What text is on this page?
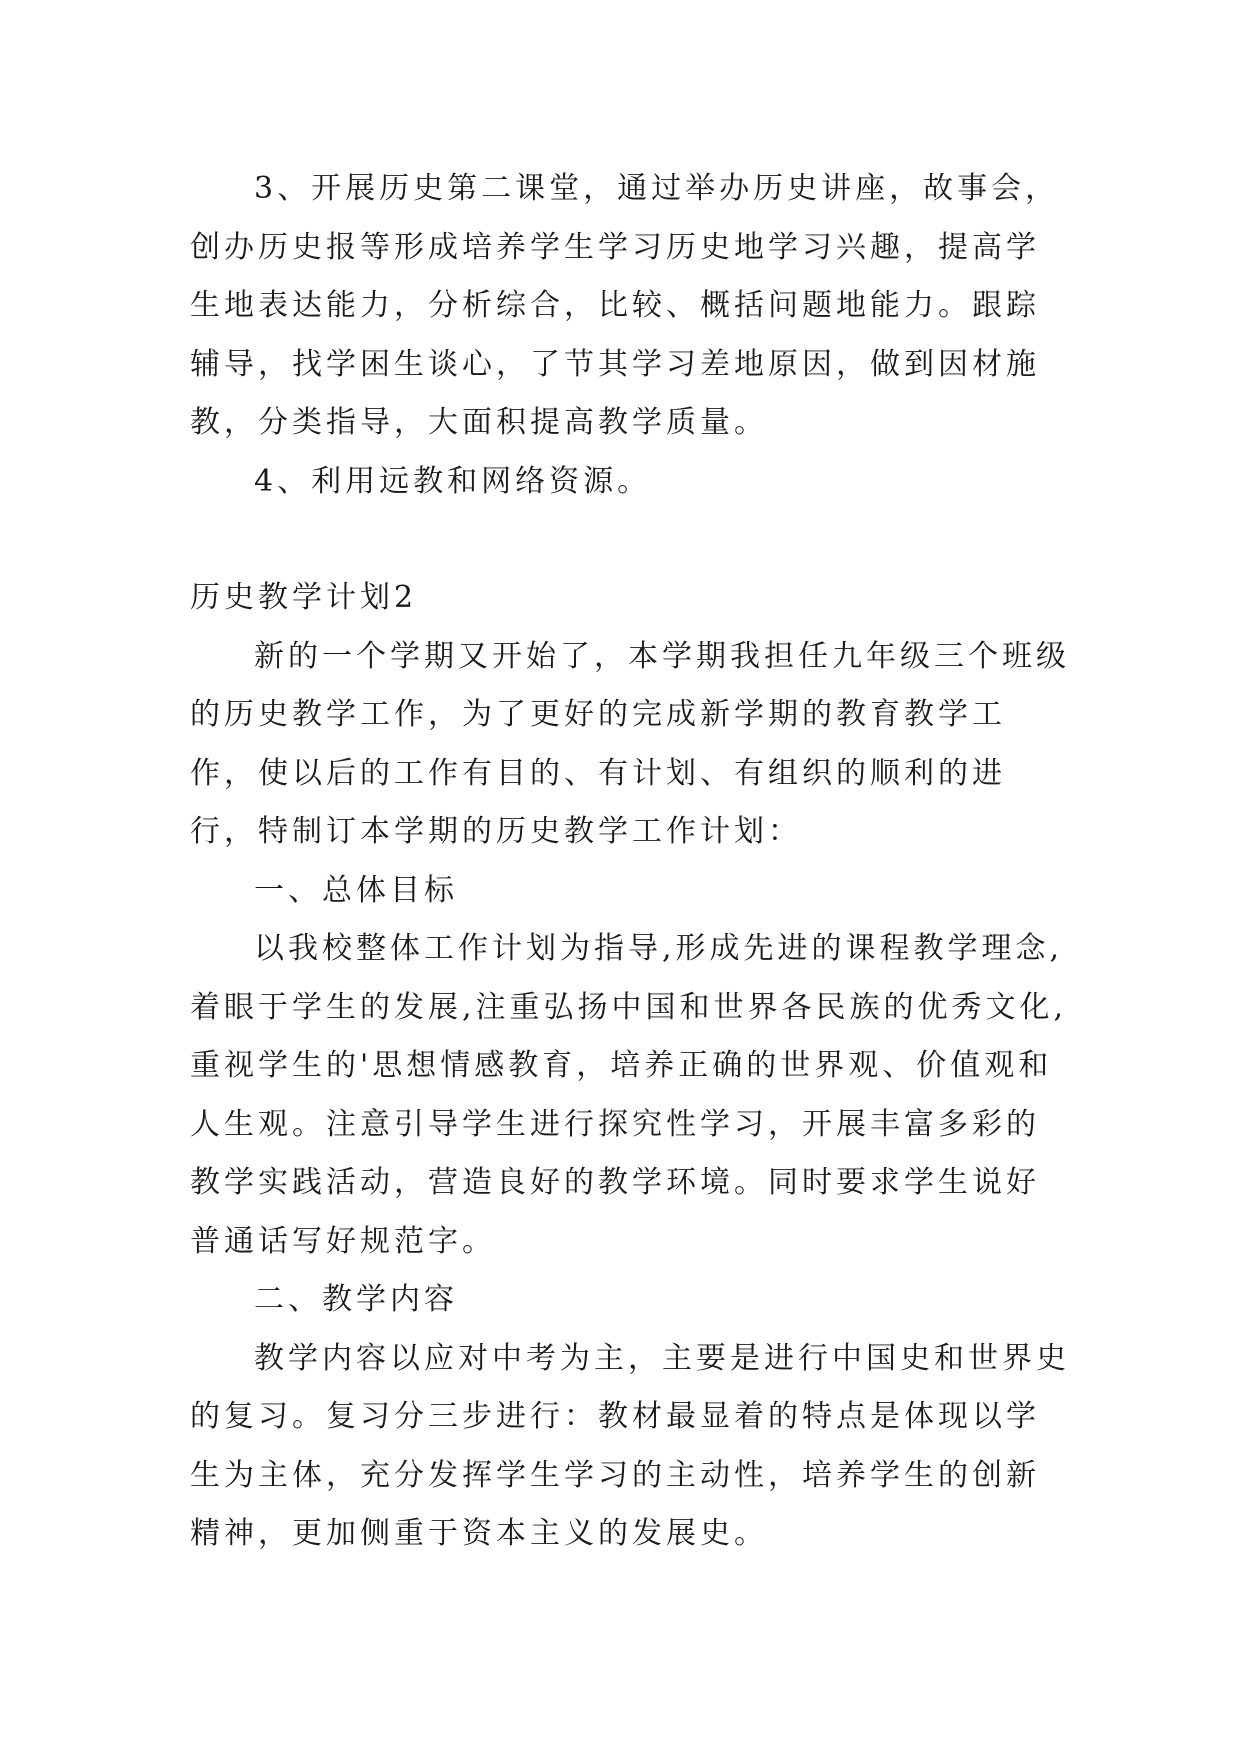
3、开展历史第二课堂，通过举办历史讲座，故事会，创办历史报等形成培养学生学习历史地学习兴趣，提高学生地表达能力，分析综合，比较、概括问题地能力。跟踪辅导，找学困生谈心，了节其学习差地原因，做到因材施教，分类指导，大面积提高教学质量。

4、利用远教和网络资源。

历史教学计划2

新的一个学期又开始了，本学期我担任九年级三个班级的历史教学工作，为了更好的完成新学期的教育教学工作，使以后的工作有目的、有计划、有组织的顺利的进行，特制订本学期的历史教学工作计划：

一、总体目标

以我校整体工作计划为指导,形成先进的课程教学理念,着眼于学生的发展,注重弘扬中国和世界各民族的优秀文化,重视学生的'思想情感教育，培养正确的世界观、价值观和人生观。注意引导学生进行探究性学习，开展丰富多彩的教学实践活动，营造良好的教学环境。同时要求学生说好普通话写好规范字。

二、教学内容

教学内容以应对中考为主，主要是进行中国史和世界史的复习。复习分三步进行：教材最显着的特点是体现以学生为主体，充分发挥学生学习的主动性，培养学生的创新精神，更加侧重于资本主义的发展史。
